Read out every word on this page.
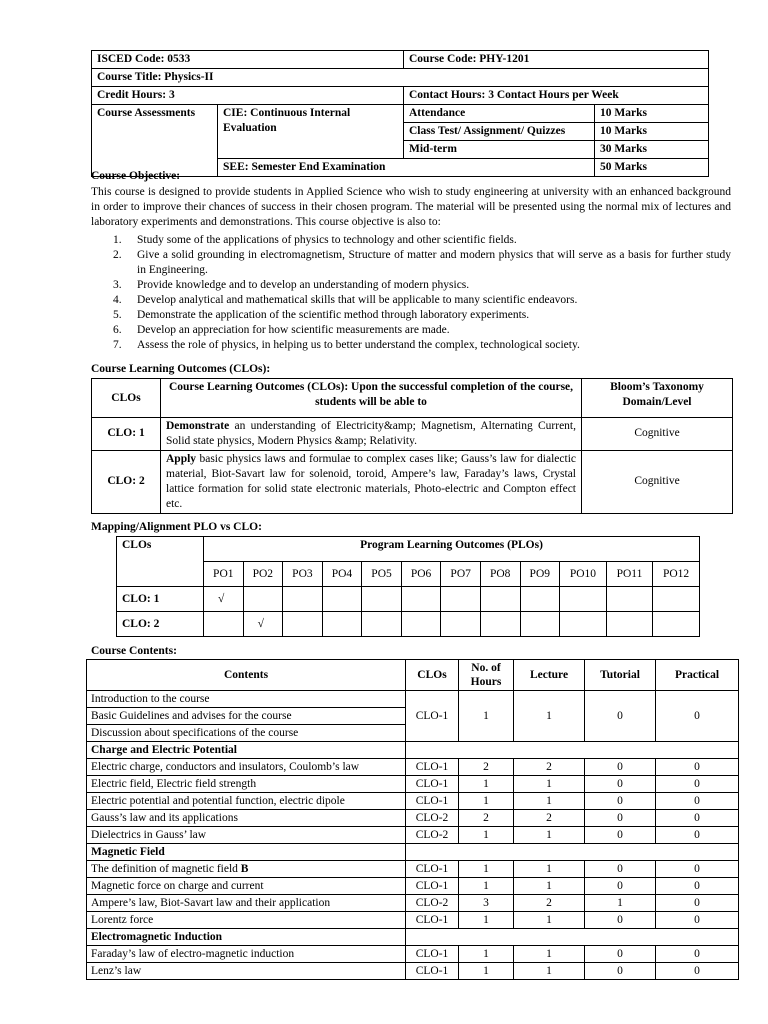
ISCED Code: 0533		Course Code: PHY-1201	
Course Title: Physics-II			
Credit Hours: 3		Contact Hours: 3 Contact Hours per Week	
Course Assessments	CIE: Continuous Internal Evaluation	Attendance	10 Marks
		Class Test/ Assignment/ Quizzes	10 Marks
		Mid-term	30 Marks
	SEE: Semester End Examination		50 Marks
Course Objective:
This course is designed to provide students in Applied Science who wish to study engineering at university with an enhanced background in order to improve their chances of success in their chosen program. The material will be presented using the normal mix of lectures and laboratory experiments and demonstrations. This course objective is also to:
1. Study some of the applications of physics to technology and other scientific fields.
2. Give a solid grounding in electromagnetism, Structure of matter and modern physics that will serve as a basis for further study in Engineering.
3. Provide knowledge and to develop an understanding of modern physics.
4. Develop analytical and mathematical skills that will be applicable to many scientific endeavors.
5. Demonstrate the application of the scientific method through laboratory experiments.
6. Develop an appreciation for how scientific measurements are made.
7. Assess the role of physics, in helping us to better understand the complex, technological society.
Course Learning Outcomes (CLOs):
CLOs	Course Learning Outcomes (CLOs): Upon the successful completion of the course, students will be able to	Bloom’s Taxonomy Domain/Level
CLO: 1	Demonstrate an understanding of Electricity&amp; Magnetism, Alternating Current, Solid state physics, Modern Physics &amp; Relativity.	Cognitive
CLO: 2	Apply basic physics laws and formulae to complex cases like; Gauss’s law for dialectic material, Biot-Savart law for solenoid, toroid, Ampere’s law, Faraday’s laws, Crystal lattice formation for solid state electronic materials, Photo-electric and Compton effect etc.	Cognitive
Mapping/Alignment PLO vs CLO:
CLOs	Program Learning Outcomes (PLOs)											
	PO1	PO2	PO3	PO4	PO5	PO6	PO7	PO8	PO9	PO10	PO11	PO12
CLO: 1	√											
CLO: 2		√										
Course Contents:
Contents	CLOs	No. of Hours	Lecture	Tutorial	Practical
Introduction to the course	CLO-1	1	1	0	0
Basic Guidelines and advises for the course					
Discussion about specifications of the course					
Charge and Electric Potential					
Electric charge, conductors and insulators, Coulomb’s law	CLO-1	2	2	0	0
Electric field, Electric field strength	CLO-1	1	1	0	0
Electric potential and potential function, electric dipole	CLO-1	1	1	0	0
Gauss’s law and its applications	CLO-2	2	2	0	0
Dielectrics in Gauss’ law	CLO-2	1	1	0	0
Magnetic Field					
The definition of magnetic field B	CLO-1	1	1	0	0
Magnetic force on charge and current	CLO-1	1	1	0	0
Ampere’s law, Biot-Savart law and their application	CLO-2	3	2	1	0
Lorentz force	CLO-1	1	1	0	0
Electromagnetic Induction					
Faraday’s law of electro-magnetic induction	CLO-1	1	1	0	0
Lenz’s law	CLO-1	1	1	0	0
